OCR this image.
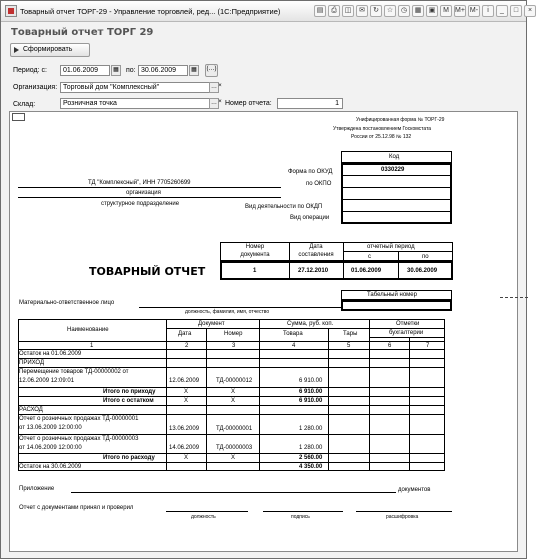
Товарный отчет ТОРГ-29 - Управление торговлей, ред... (1С:Предприятие)	▤	⎙	◫	✉	↻	☆	◷	▦	▣	M M+ M-	i	_	□	×
Товарный отчет ТОРГ 29
Сформировать
Период: с:	01.06.2009	▦	по: 30.06.2009	▦	(…)
Организация: Торговый дом "Комплексный"	… ×
Склад:	Розничная точка	… × Номер отчета:	1
Унифицированная форма № ТОРГ-29
Утверждена постановлением Госкомстата
России от 25.12.98 № 132
Код
0330229
Форма по ОКУД
по ОКПО
Вид деятельности по ОКДП
Вид операции
ТД "Комплексный", ИНН 7705260699
организация
структурное подразделение
Номер документа
Дата составления
отчетный период
с	по
1	27.12.2010	01.06.2009	30.06.2009
ТОВАРНЫЙ ОТЧЕТ
Табельный номер
Материально-ответственное лицо
должность, фамилия, имя, отчество
Наименование
Документ	Сумма, руб. коп.	Отметки
Дата	Номер	Товара	Тары	бухгалтерии
1	2	3	4	5	6	7
Остаток на 01.06.2009
ПРИХОД
Перемещение товаров ТД-00000002 от
12.06.2009 12:09:01	12.06.2009	ТД-00000012	6 910.00
Итого по приходу	X	X	6 910.00
Итого с остатком	X	X	6 910.00
РАСХОД
Отчет о розничных продажах ТД-00000001
от 13.06.2009 12:00:00	13.06.2009	ТД-00000001	1 280.00
Отчет о розничных продажах ТД-00000003
от 14.06.2009 12:00:00	14.06.2009	ТД-00000003	1 280.00
Итого по расходу	X	X	2 560.00
Остаток на 30.06.2009	4 350.00
Приложение	документов
Отчет с документами принял и проверил
должность	подпись	расшифровка
